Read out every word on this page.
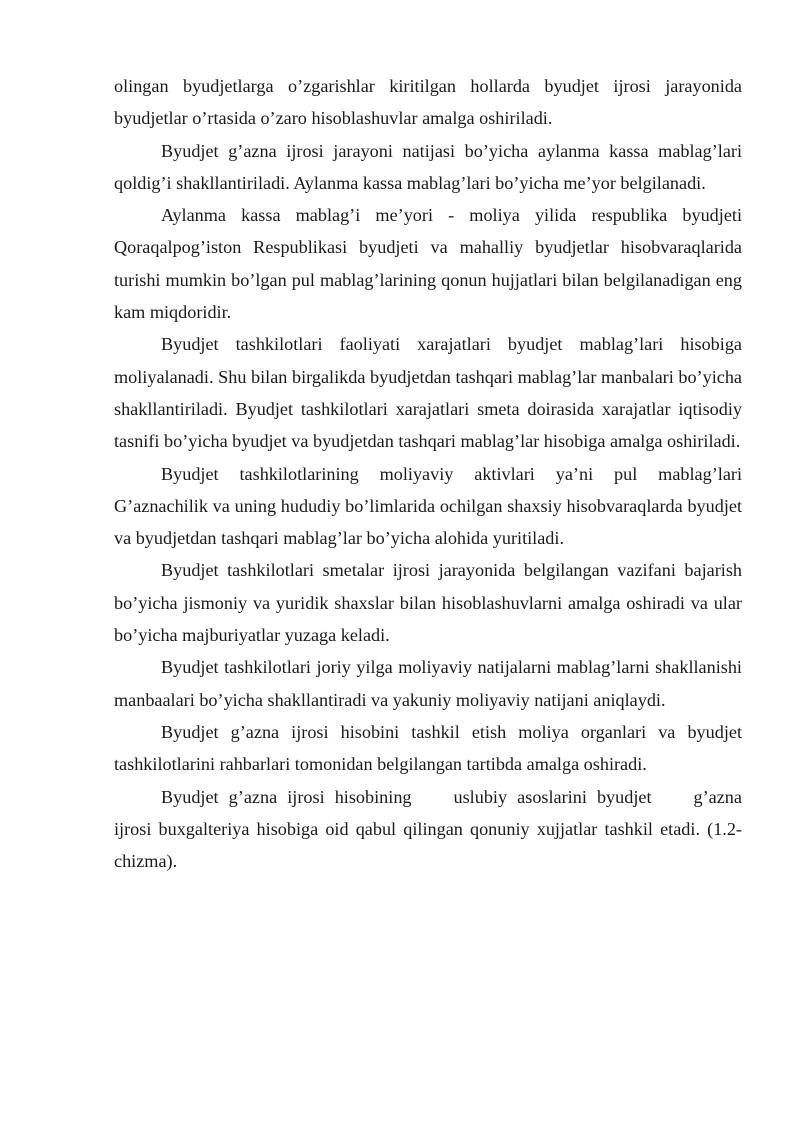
olingan byudjetlarga o’zgarishlar kiritilgan hollarda byudjet ijrosi jarayonida byudjetlar o’rtasida o’zaro hisoblashuvlar amalga oshiriladi.

Byudjet g’azna ijrosi jarayoni natijasi bo’yicha aylanma kassa mablag’lari qoldig’i shakllantiriladi. Aylanma kassa mablag’lari bo’yicha me’yor belgilanadi.

Aylanma kassa mablag’i me’yori - moliya yilida respublika byudjeti Qoraqalpog’iston Respublikasi byudjeti va mahalliy byudjetlar hisobvaraqlarida turishi mumkin bo’lgan pul mablag’larining qonun hujjatlari bilan belgilanadigan eng kam miqdoridir.

Byudjet tashkilotlari faoliyati xarajatlari byudjet mablag’lari hisobiga moliyalanadi. Shu bilan birgalikda byudjetdan tashqari mablag’lar manbalari bo’yicha shakllantiriladi. Byudjet tashkilotlari xarajatlari smeta doirasida xarajatlar iqtisodiy tasnifi bo’yicha byudjet va byudjetdan tashqari mablag’lar hisobiga amalga oshiriladi.

Byudjet tashkilotlarining moliyaviy aktivlari ya’ni pul mablag’lari G’aznachilik va uning hududiy bo’limlarida ochilgan shaxsiy hisobvaraqlarda byudjet va byudjetdan tashqari mablag’lar bo’yicha alohida yuritiladi.

Byudjet tashkilotlari smetalar ijrosi jarayonida belgilangan vazifani bajarish bo’yicha jismoniy va yuridik shaxslar bilan hisoblashuvlarni amalga oshiradi va ular bo’yicha majburiyatlar yuzaga keladi.

Byudjet tashkilotlari joriy yilga moliyaviy natijalarni mablag’larni shakllanishi manbaalari bo’yicha shakllantiradi va yakuniy moliyaviy natijani aniqlaydi.

Byudjet g’azna ijrosi hisobini tashkil etish moliya organlari va byudjet tashkilotlarini rahbarlari tomonidan belgilangan tartibda amalga oshiradi.

Byudjet g’azna ijrosi hisobining uslubiy asoslarini byudjet g’azna ijrosi buxgalteriya hisobiga oid qabul qilingan qonuniy xujjatlar tashkil etadi. (1.2-chizma).
